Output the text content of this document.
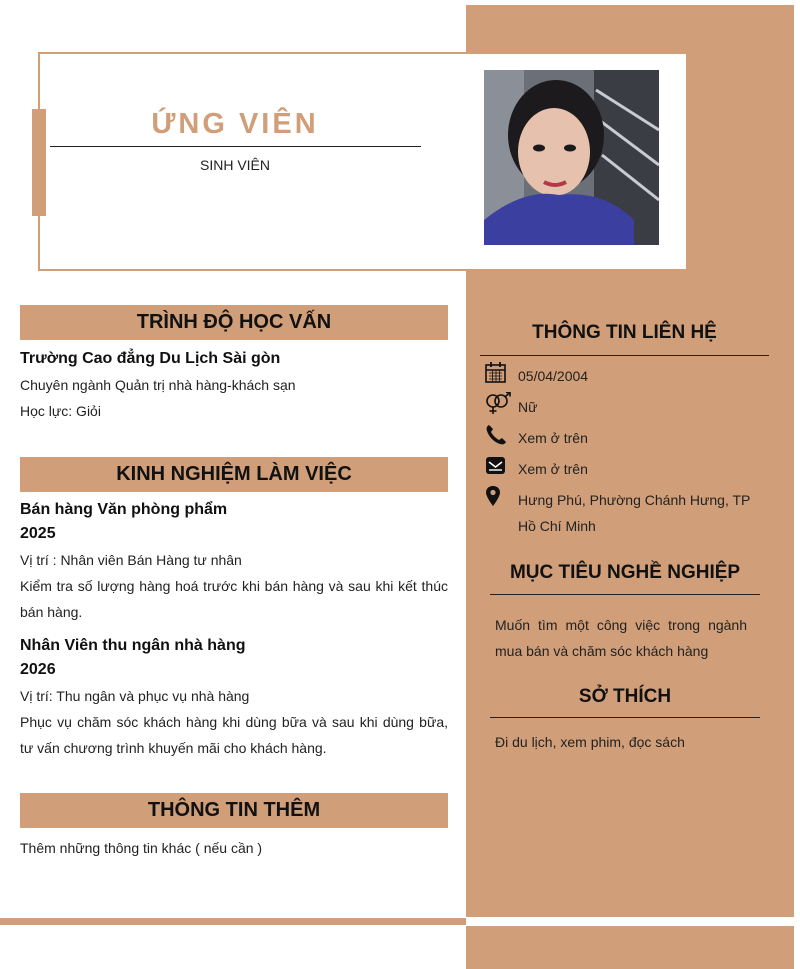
ỨNG VIÊN
SINH VIÊN
TRÌNH ĐỘ HỌC VẤN
Trường Cao đẳng Du Lịch Sài gòn
Chuyên ngành Quản trị nhà hàng-khách sạn
Học lực: Giỏi
KINH NGHIỆM LÀM VIỆC
Bán hàng Văn phòng phẩm
2025
Vị trí : Nhân viên Bán Hàng tư nhân
Kiểm tra số lượng hàng hoá trước khi bán hàng và sau khi kết thúc bán hàng.
Nhân Viên thu ngân nhà hàng
2026
Vị trí: Thu ngân và phục vụ nhà hàng
Phục vụ chăm sóc khách hàng khi dùng bữa và sau khi dùng bữa, tư vấn chương trình khuyến mãi cho khách hàng.
THÔNG TIN THÊM
Thêm những thông tin khác ( nếu cần )
THÔNG TIN LIÊN HỆ
05/04/2004
Nữ
Xem ở trên
Xem ở trên
Hưng Phú, Phường Chánh Hưng, TP Hồ Chí Minh
MỤC TIÊU NGHỀ NGHIỆP
Muốn tìm một công việc trong ngành mua bán và chăm sóc khách hàng
SỞ THÍCH
Đi du lịch, xem phim, đọc sách
